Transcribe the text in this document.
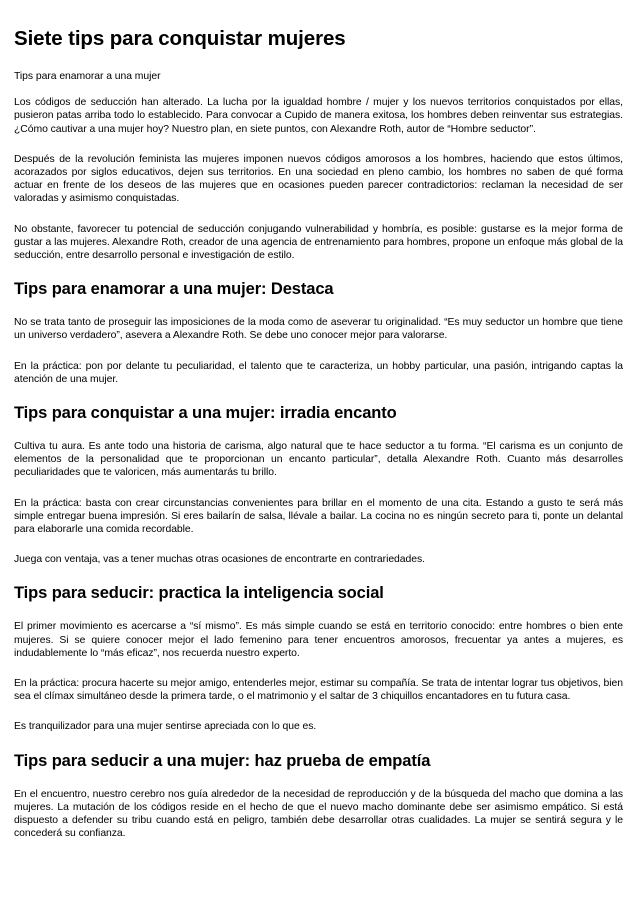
Siete tips para conquistar mujeres

Tips para enamorar a una mujer

Los códigos de seducción han alterado. La lucha por la igualdad hombre / mujer y los nuevos territorios conquistados por ellas, pusieron patas arriba todo lo establecido. Para convocar a Cupido de manera exitosa, los hombres deben reinventar sus estrategias. ¿Cómo cautivar a una mujer hoy? Nuestro plan, en siete puntos, con Alexandre Roth, autor de “Hombre seductor”.

Después de la revolución feminista las mujeres imponen nuevos códigos amorosos a los hombres, haciendo que estos últimos, acorazados por siglos educativos, dejen sus territorios. En una sociedad en pleno cambio, los hombres no saben de qué forma actuar en frente de los deseos de las mujeres que en ocasiones pueden parecer contradictorios: reclaman la necesidad de ser valoradas y asimismo conquistadas.

No obstante, favorecer tu potencial de seducción conjugando vulnerabilidad y hombría, es posible: gustarse es la mejor forma de gustar a las mujeres. Alexandre Roth, creador de una agencia de entrenamiento para hombres, propone un enfoque más global de la seducción, entre desarrollo personal e investigación de estilo.

Tips para enamorar a una mujer: Destaca

No se trata tanto de proseguir las imposiciones de la moda como de aseverar tu originalidad. “Es muy seductor un hombre que tiene un universo verdadero”, asevera a Alexandre Roth. Se debe uno conocer mejor para valorarse.

En la práctica: pon por delante tu peculiaridad, el talento que te caracteriza, un hobby particular, una pasión, intrigando captas la atención de una mujer.

Tips para conquistar a una mujer: irradia encanto

Cultiva tu aura. Es ante todo una historia de carisma, algo natural que te hace seductor a tu forma. “El carisma es un conjunto de elementos de la personalidad que te proporcionan un encanto particular”, detalla Alexandre Roth. Cuanto más desarrolles peculiaridades que te valoricen, más aumentarás tu brillo.

En la práctica: basta con crear circunstancias convenientes para brillar en el momento de una cita. Estando a gusto te será más simple entregar buena impresión. Si eres bailarín de salsa, llévale a bailar. La cocina no es ningún secreto para ti, ponte un delantal para elaborarle una comida recordable.

Juega con ventaja, vas a tener muchas otras ocasiones de encontrarte en contrariedades.

Tips para seducir: practica la inteligencia social

El primer movimiento es acercarse a “sí mismo”. Es más simple cuando se está en territorio conocido: entre hombres o bien ente mujeres. Si se quiere conocer mejor el lado femenino para tener encuentros amorosos, frecuentar ya antes a mujeres, es indudablemente lo “más eficaz”, nos recuerda nuestro experto.

En la práctica: procura hacerte su mejor amigo, entenderles mejor, estimar su compañía. Se trata de intentar lograr tus objetivos, bien sea el clímax simultáneo desde la primera tarde, o el matrimonio y el saltar de 3 chiquillos encantadores en tu futura casa.

Es tranquilizador para una mujer sentirse apreciada con lo que es.

Tips para seducir a una mujer: haz prueba de empatía

En el encuentro, nuestro cerebro nos guía alrededor de la necesidad de reproducción y de la búsqueda del macho que domina a las mujeres. La mutación de los códigos reside en el hecho de que el nuevo macho dominante debe ser asimismo empático. Si está dispuesto a defender su tribu cuando está en peligro, también debe desarrollar otras cualidades. La mujer se sentirá segura y le concederá su confianza.
